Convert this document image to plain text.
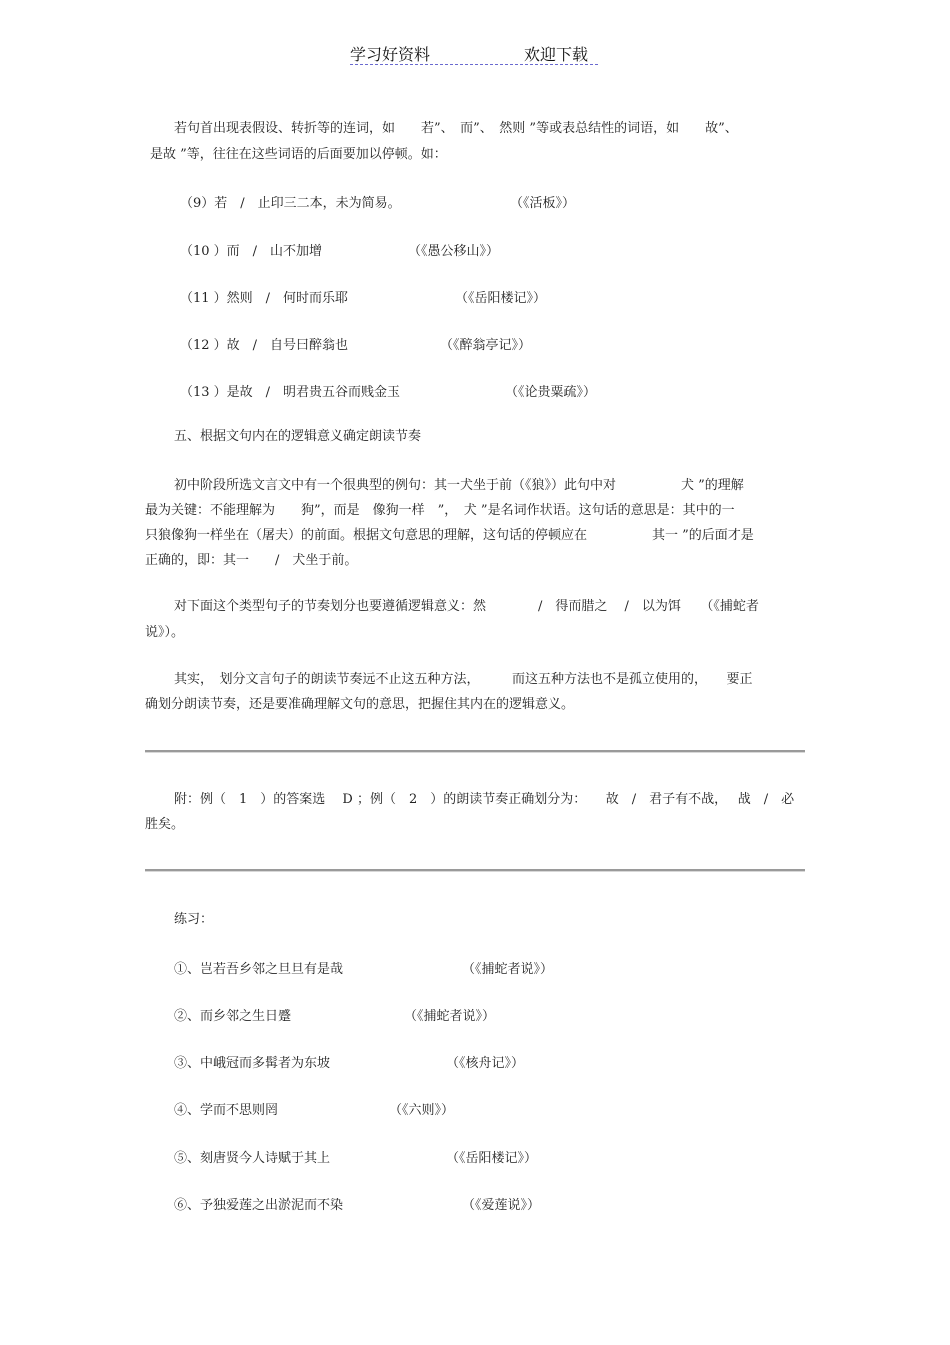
学习好资料	欢迎下载
若句首出现表假设、转折等的连词，如　　若”、　而”、　然则 ”等或表总结性的词语，如　　故”、
是故 ”等，往往在这些词语的后面要加以停顿。如：
（9）若　/　止印三二本，未为简易。	（《活板》）
（10 ）而　/　山不加增	（《愚公移山》）
（11 ）然则　/　何时而乐耶	（《岳阳楼记》）
（12 ）故　/　自号曰醉翁也	（《醉翁亭记》）
（13 ）是故　/　明君贵五谷而贱金玉	（《论贵粟疏》）
五、根据文句内在的逻辑意义确定朗读节奏
初中阶段所选文言文中有一个很典型的例句：其一犬坐于前（《狼》）此句中对　　　　　犬 ”的理解
最为关键：不能理解为　　狗”，而是　像狗一样　”，　犬 ”是名词作状语。这句话的意思是：其中的一
只狼像狗一样坐在（屠夫）的前面。根据文句意思的理解，这句话的停顿应在　　　　　其一 ”的后面才是
正确的，即：其一　　/　犬坐于前。
对下面这个类型句子的节奏划分也要遵循逻辑意义：然　　　　/　得而腊之　 /　以为饵　　（《捕蛇者
说》）。
其实，　划分文言句子的朗读节奏远不止这五种方法，　　　而这五种方法也不是孤立使用的，　　要正
确划分朗读节奏，还是要准确理解文句的意思，把握住其内在的逻辑意义。
附：例（　1　）的答案选　 D ；例（　2　）的朗读节奏正确划分为：　　故　/　君子有不战，　 战　/　必
胜矣。
练习：
①、岂若吾乡邻之旦旦有是哉	（《捕蛇者说》）
②、而乡邻之生日蹙	（《捕蛇者说》）
③、中峨冠而多髯者为东坡	（《核舟记》）
④、学而不思则罔	（《六则》）
⑤、刻唐贤今人诗赋于其上	（《岳阳楼记》）
⑥、予独爱莲之出淤泥而不染	（《爱莲说》）
